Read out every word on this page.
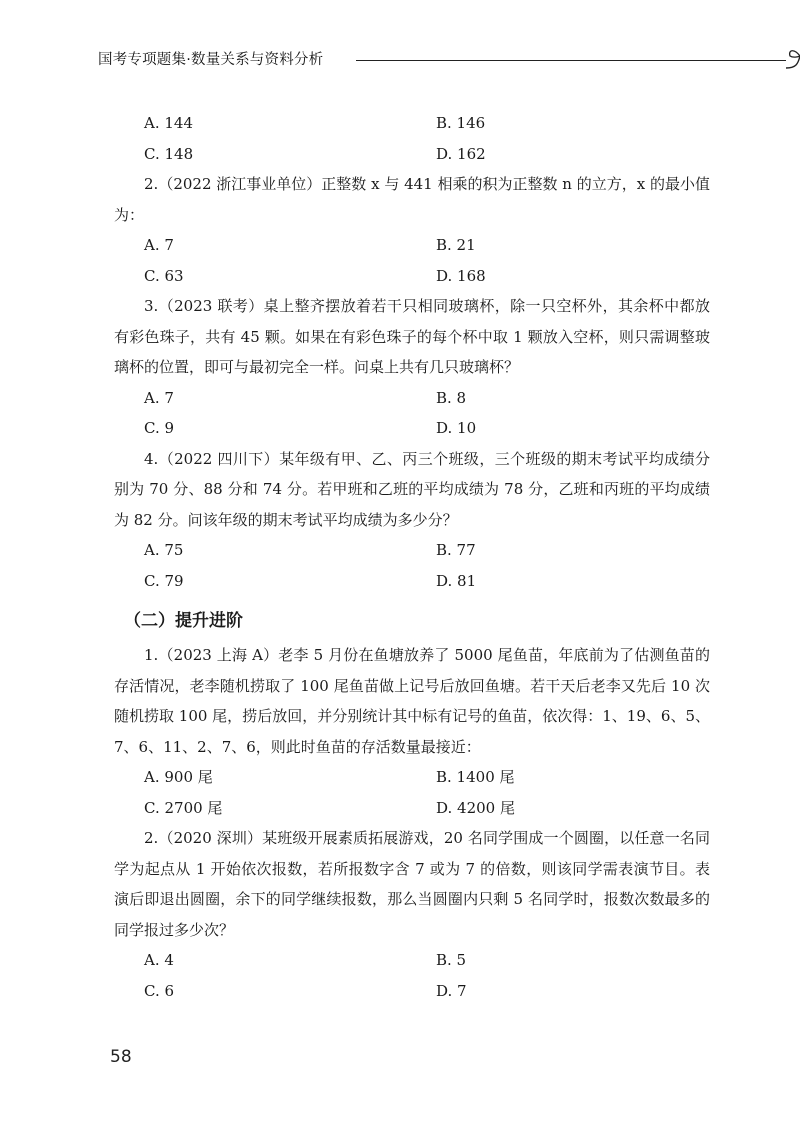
国考专项题集·数量关系与资料分析
A. 144	B. 146
C. 148	D. 162

2.（2022 浙江事业单位）正整数 x 与 441 相乘的积为正整数 n 的立方，x 的最小值为：

A. 7	B. 21
C. 63	D. 168

3.（2023 联考）桌上整齐摆放着若干只相同玻璃杯，除一只空杯外，其余杯中都放有彩色珠子，共有 45 颗。如果在有彩色珠子的每个杯中取 1 颗放入空杯，则只需调整玻璃杯的位置，即可与最初完全一样。问桌上共有几只玻璃杯？

A. 7	B. 8
C. 9	D. 10

4.（2022 四川下）某年级有甲、乙、丙三个班级，三个班级的期末考试平均成绩分别为 70 分、88 分和 74 分。若甲班和乙班的平均成绩为 78 分，乙班和丙班的平均成绩为 82 分。问该年级的期末考试平均成绩为多少分？

A. 75	B. 77
C. 79	D. 81
（二）提升进阶

1.（2023 上海 A）老李 5 月份在鱼塘放养了 5000 尾鱼苗，年底前为了估测鱼苗的存活情况，老李随机捞取了 100 尾鱼苗做上记号后放回鱼塘。若干天后老李又先后 10 次随机捞取 100 尾，捞后放回，并分别统计其中标有记号的鱼苗，依次得：1、19、6、5、7、6、11、2、7、6，则此时鱼苗的存活数量最接近：

A. 900 尾	B. 1400 尾
C. 2700 尾	D. 4200 尾

2.（2020 深圳）某班级开展素质拓展游戏，20 名同学围成一个圆圈，以任意一名同学为起点从 1 开始依次报数，若所报数字含 7 或为 7 的倍数，则该同学需表演节目。表演后即退出圆圈，余下的同学继续报数，那么当圆圈内只剩 5 名同学时，报数次数最多的同学报过多少次？

A. 4	B. 5
C. 6	D. 7
58
